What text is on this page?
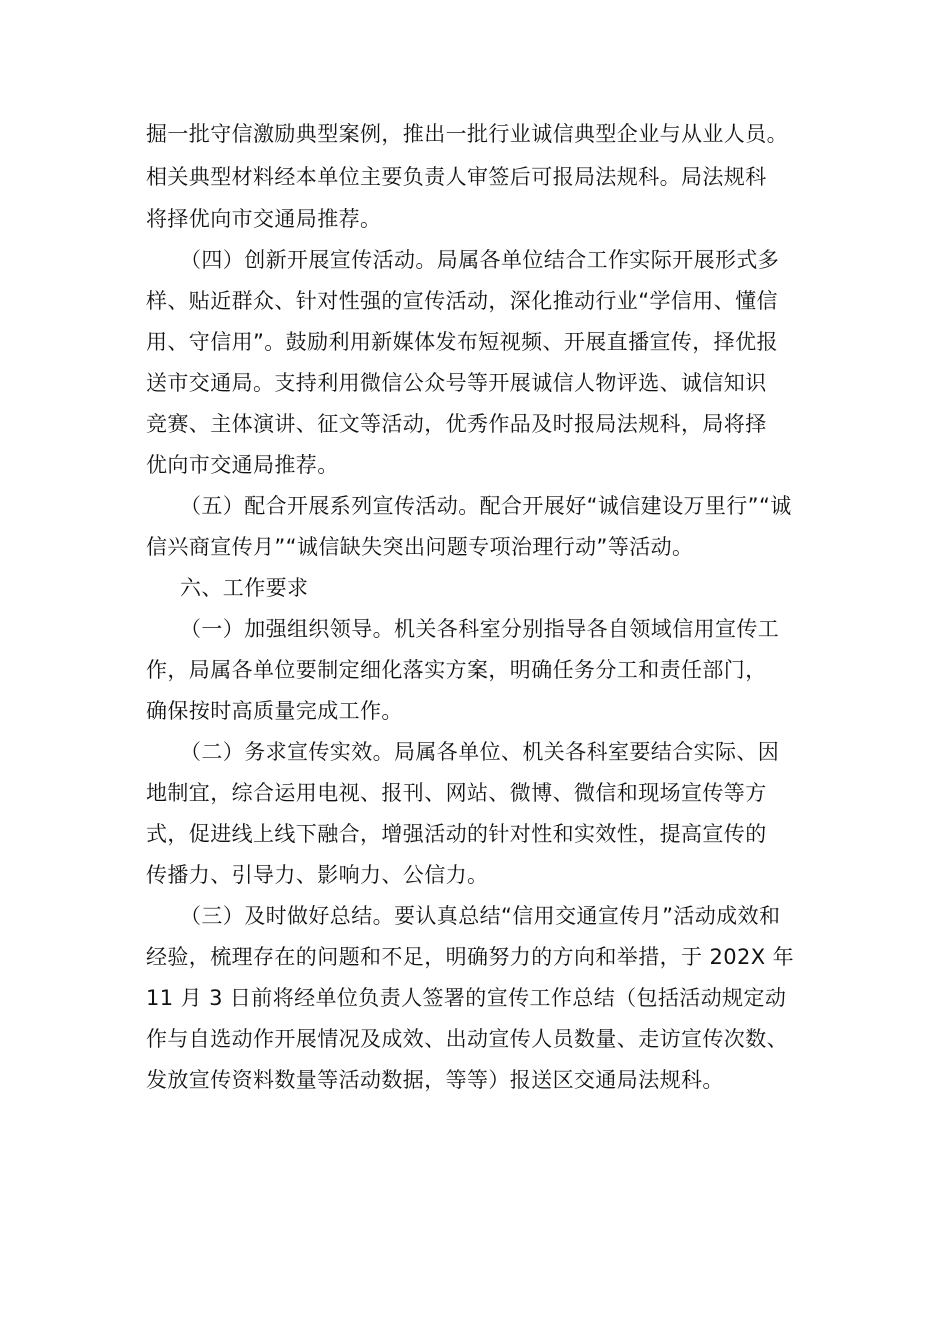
掘一批守信激励典型案例，推出一批行业诚信典型企业与从业人员。
相关典型材料经本单位主要负责人审签后可报局法规科。局法规科
将择优向市交通局推荐。
（四）创新开展宣传活动。局属各单位结合工作实际开展形式多
样、贴近群众、针对性强的宣传活动，深化推动行业“学信用、懂信
用、守信用”。鼓励利用新媒体发布短视频、开展直播宣传，择优报
送市交通局。支持利用微信公众号等开展诚信人物评选、诚信知识
竞赛、主体演讲、征文等活动，优秀作品及时报局法规科，局将择
优向市交通局推荐。
（五）配合开展系列宣传活动。配合开展好“诚信建设万里行”“诚
信兴商宣传月”“诚信缺失突出问题专项治理行动”等活动。
六、工作要求
（一）加强组织领导。机关各科室分别指导各自领域信用宣传工
作，局属各单位要制定细化落实方案，明确任务分工和责任部门，
确保按时高质量完成工作。
（二）务求宣传实效。局属各单位、机关各科室要结合实际、因
地制宜，综合运用电视、报刊、网站、微博、微信和现场宣传等方
式，促进线上线下融合，增强活动的针对性和实效性，提高宣传的
传播力、引导力、影响力、公信力。
（三）及时做好总结。要认真总结“信用交通宣传月”活动成效和
经验，梳理存在的问题和不足，明确努力的方向和举措，于 202X 年
11 月 3 日前将经单位负责人签署的宣传工作总结（包括活动规定动
作与自选动作开展情况及成效、出动宣传人员数量、走访宣传次数、
发放宣传资料数量等活动数据，等等）报送区交通局法规科。
